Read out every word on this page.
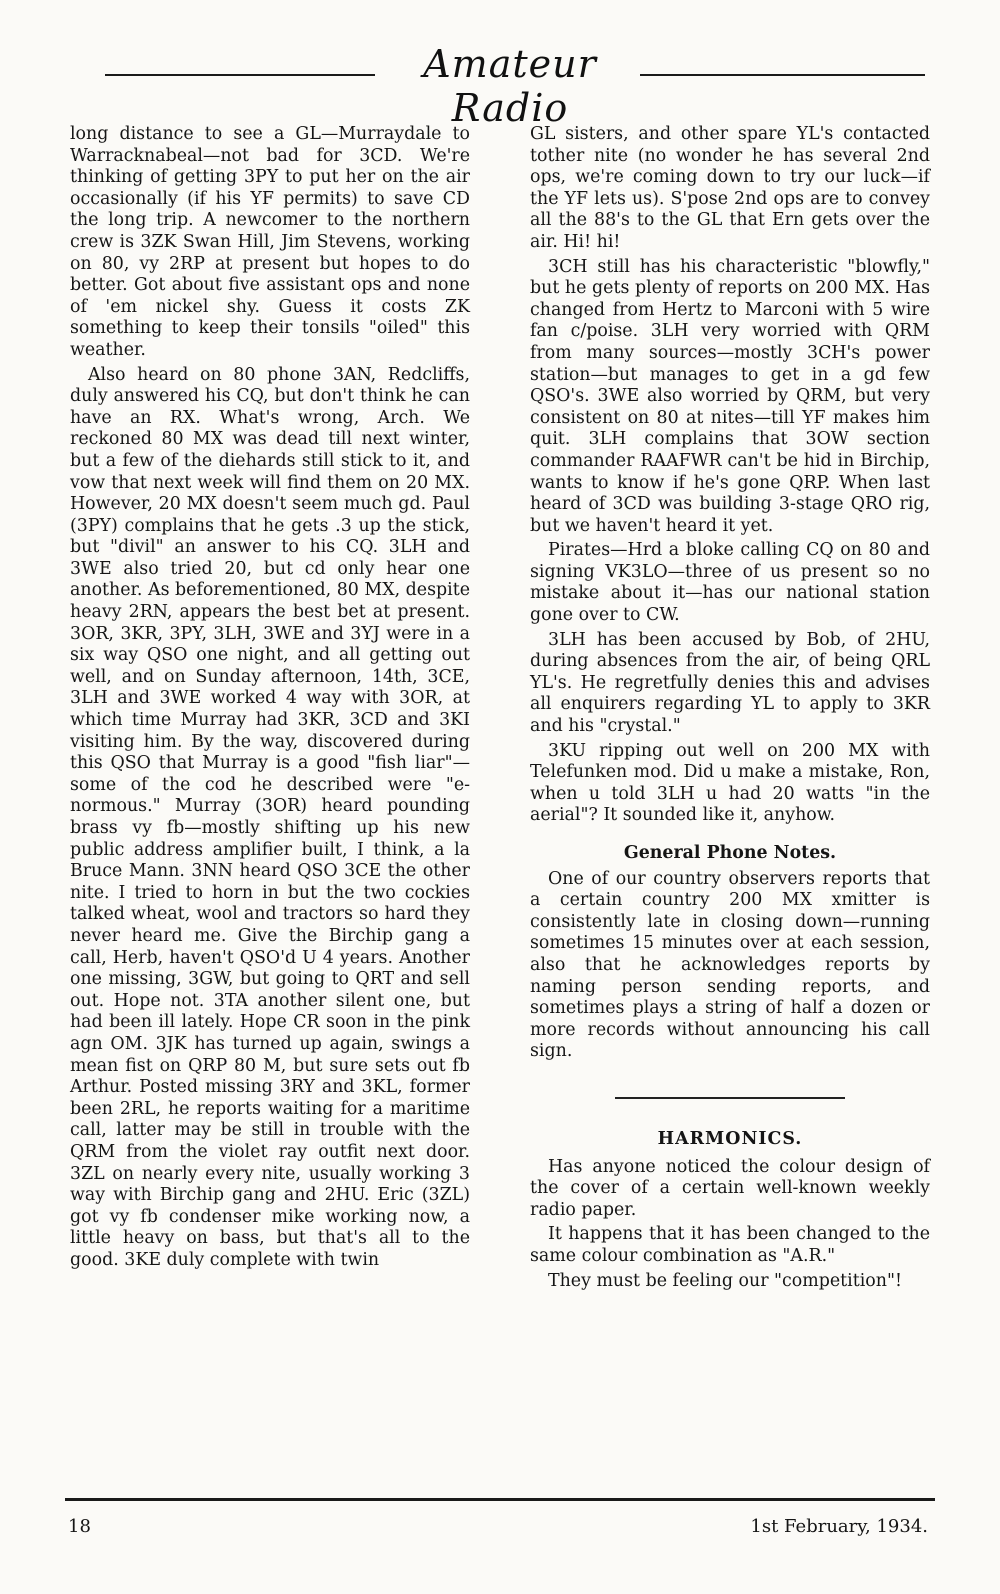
Amateur Radio

long distance to see a GL—Murraydale to Warracknabeal—not bad for 3CD. We're thinking of getting 3PY to put her on the air occasionally (if his YF permits) to save CD the long trip. A newcomer to the northern crew is 3ZK Swan Hill, Jim Stevens, working on 80, vy 2RP at present but hopes to do better. Got about five assistant ops and none of 'em nickel shy. Guess it costs ZK something to keep their tonsils "oiled" this weather.

Also heard on 80 phone 3AN, Redcliffs, duly answered his CQ, but don't think he can have an RX. What's wrong, Arch. We reckoned 80 MX was dead till next winter, but a few of the diehards still stick to it, and vow that next week will find them on 20 MX. However, 20 MX doesn't seem much gd. Paul (3PY) complains that he gets .3 up the stick, but "divil" an answer to his CQ. 3LH and 3WE also tried 20, but cd only hear one another. As beforementioned, 80 MX, despite heavy 2RN, appears the best bet at present. 3OR, 3KR, 3PY, 3LH, 3WE and 3YJ were in a six way QSO one night, and all getting out well, and on Sunday afternoon, 14th, 3CE, 3LH and 3WE worked 4 way with 3OR, at which time Murray had 3KR, 3CD and 3KI visiting him. By the way, discovered during this QSO that Murray is a good "fish liar"—some of the cod he described were "e-normous." Murray (3OR) heard pounding brass vy fb—mostly shifting up his new public address amplifier built, I think, a la Bruce Mann. 3NN heard QSO 3CE the other nite. I tried to horn in but the two cockies talked wheat, wool and tractors so hard they never heard me. Give the Birchip gang a call, Herb, haven't QSO'd U 4 years. Another one missing, 3GW, but going to QRT and sell out. Hope not. 3TA another silent one, but had been ill lately. Hope CR soon in the pink agn OM. 3JK has turned up again, swings a mean fist on QRP 80 M, but sure sets out fb Arthur. Posted missing 3RY and 3KL, former been 2RL, he reports waiting for a maritime call, latter may be still in trouble with the QRM from the violet ray outfit next door. 3ZL on nearly every nite, usually working 3 way with Birchip gang and 2HU. Eric (3ZL) got vy fb condenser mike working now, a little heavy on bass, but that's all to the good. 3KE duly complete with twin

GL sisters, and other spare YL's contacted tother nite (no wonder he has several 2nd ops, we're coming down to try our luck—if the YF lets us). S'pose 2nd ops are to convey all the 88's to the GL that Ern gets over the air. Hi! hi!

3CH still has his characteristic "blowfly," but he gets plenty of reports on 200 MX. Has changed from Hertz to Marconi with 5 wire fan c/poise. 3LH very worried with QRM from many sources—mostly 3CH's power station—but manages to get in a gd few QSO's. 3WE also worried by QRM, but very consistent on 80 at nites—till YF makes him quit. 3LH complains that 3OW section commander RAAFWR can't be hid in Birchip, wants to know if he's gone QRP. When last heard of 3CD was building 3-stage QRO rig, but we haven't heard it yet.

Pirates—Hrd a bloke calling CQ on 80 and signing VK3LO—three of us present so no mistake about it—has our national station gone over to CW.

3LH has been accused by Bob, of 2HU, during absences from the air, of being QRL YL's. He regretfully denies this and advises all enquirers regarding YL to apply to 3KR and his "crystal."

3KU ripping out well on 200 MX with Telefunken mod. Did u make a mistake, Ron, when u told 3LH u had 20 watts "in the aerial"? It sounded like it, anyhow.

General Phone Notes.

One of our country observers reports that a certain country 200 MX xmitter is consistently late in closing down—running sometimes 15 minutes over at each session, also that he acknowledges reports by naming person sending reports, and sometimes plays a string of half a dozen or more records without announcing his call sign.

HARMONICS.

Has anyone noticed the colour design of the cover of a certain well-known weekly radio paper.

It happens that it has been changed to the same colour combination as "A.R."

They must be feeling our "competition"!

18	1st February, 1934.
